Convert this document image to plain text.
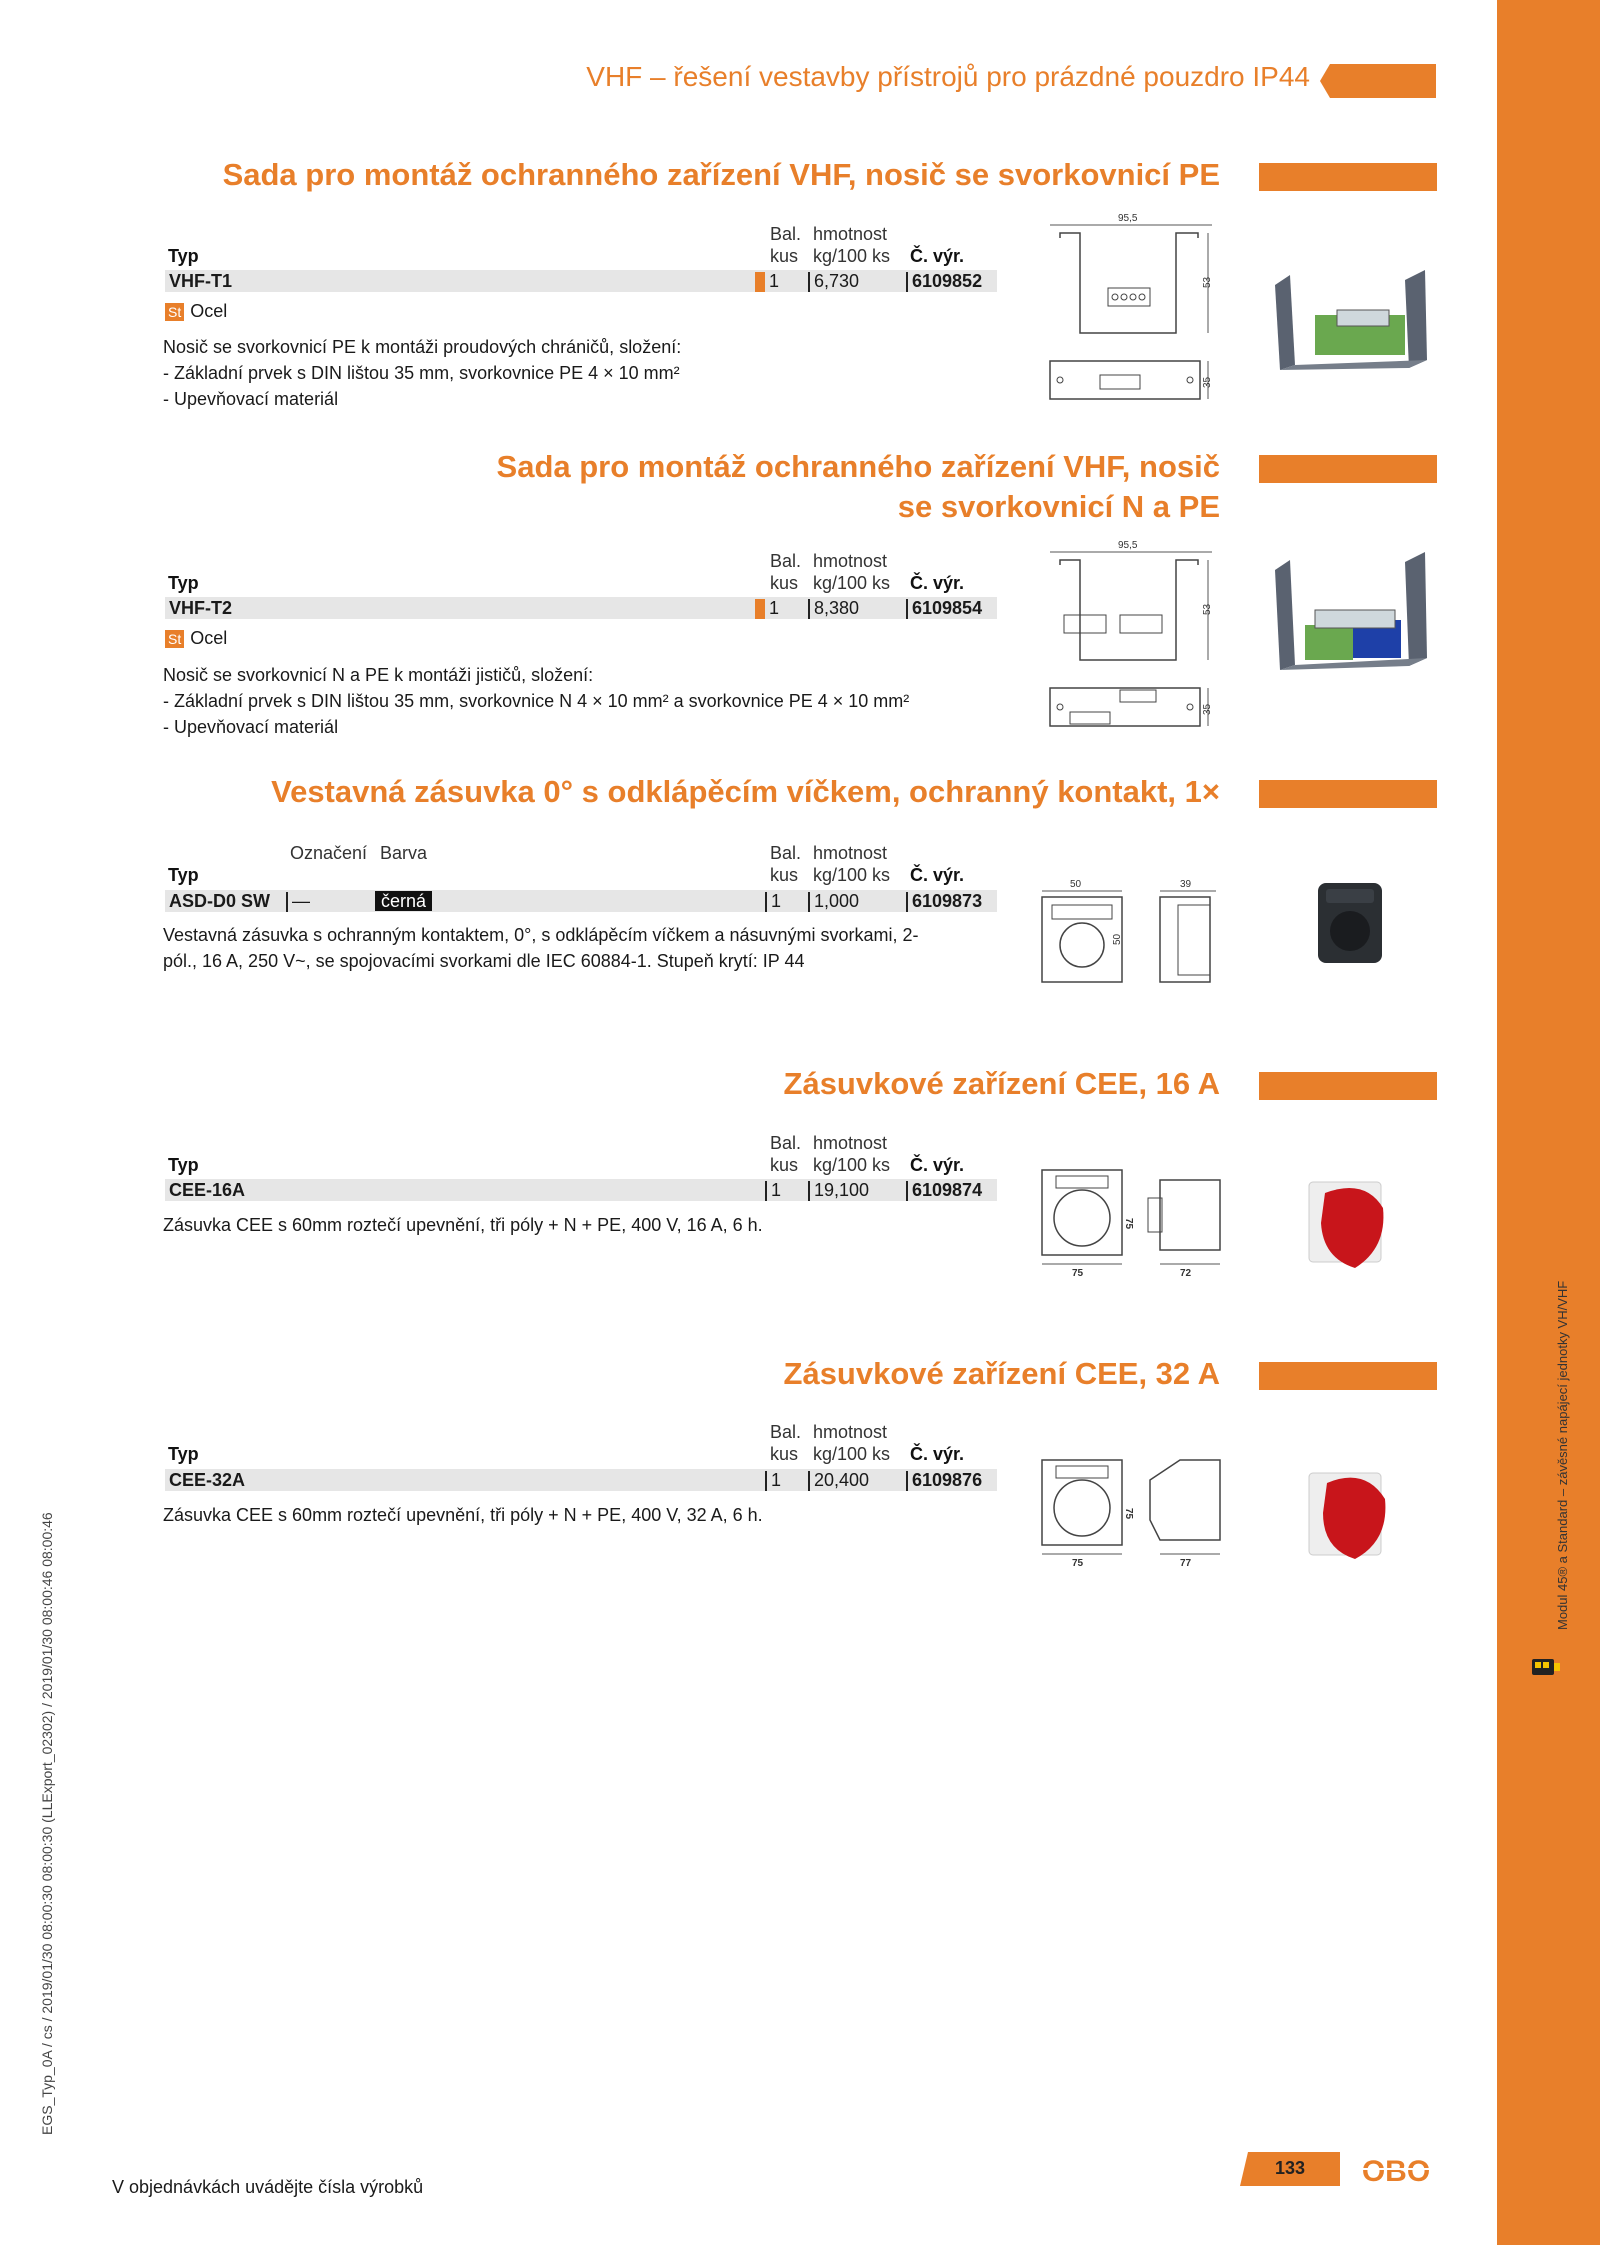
Modul 45® a Standard – závěsné napájecí jednotky VH/VHF
EGS_Typ_0A / cs / 2019/01/30 08:00:30 08:00:30 (LLExport_02302) / 2019/01/30 08:00:46 08:00:46
VHF – řešení vestavby přístrojů pro prázdné pouzdro IP44
Sada pro montáž ochranného zařízení VHF, nosič se svorkovnicí PE
Bal. hmotnost
Typ	kus kg/100 ks Č. výr.
VHF-T1	1	6,730	6109852
St Ocel
Nosič se svorkovnicí PE k montáži proudových chráničů, složení:
- Základní prvek s DIN lištou 35 mm, svorkovnice PE 4 × 10 mm²
- Upevňovací materiál
95,5
53
35
Sada pro montáž ochranného zařízení VHF, nosič se svorkovnicí N a PE
Bal. hmotnost
Typ	kus kg/100 ks Č. výr.
VHF-T2	1	8,380	6109854
St Ocel
Nosič se svorkovnicí N a PE k montáži jističů, složení:
- Základní prvek s DIN lištou 35 mm, svorkovnice N 4 × 10 mm² a svorkovnice PE 4 × 10 mm²
- Upevňovací materiál
95,5
53
35
Vestavná zásuvka 0° s odklápěcím víčkem, ochranný kontakt, 1×
Označení Barva	Bal. hmotnost
Typ	kus kg/100 ks Č. výr.
ASD-D0 SW	—	černá	1	1,000	6109873
Vestavná zásuvka s ochranným kontaktem, 0°, s odklápěcím víčkem a násuvnými svorkami, 2-
pól., 16 A, 250 V~, se spojovacími svorkami dle IEC 60884-1. Stupeň krytí: IP 44
50
50
39
Zásuvkové zařízení CEE, 16 A
Bal. hmotnost
Typ	kus kg/100 ks Č. výr.
CEE-16A	1	19,100	6109874
Zásuvka CEE s 60mm roztečí upevnění, tři póly + N + PE, 400 V, 16 A, 6 h.
75
75
72
Zásuvkové zařízení CEE, 32 A
Bal. hmotnost
Typ	kus kg/100 ks Č. výr.
CEE-32A	1	20,400	6109876
Zásuvka CEE s 60mm roztečí upevnění, tři póly + N + PE, 400 V, 32 A, 6 h.
75
75
77
V objednávkách uvádějte čísla výrobků
133	OBO
